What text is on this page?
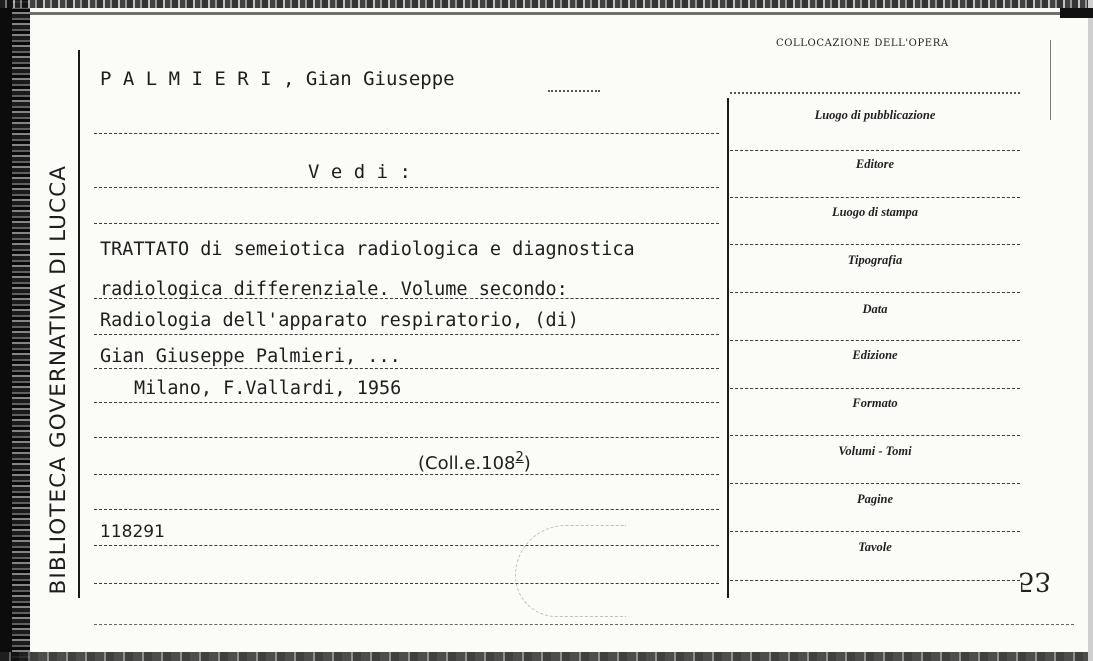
BIBLIOTECA GOVERNATIVA DI LUCCA
COLLOCAZIONE DELL'OPERA
P A L M I E R I , Gian Giuseppe
V e d i :
TRATTATO di semeiotica radiologica e diagnostica
radiologica differenziale. Volume secondo:
Radiologia dell'apparato respiratorio, (di)
Gian Giuseppe Palmieri, ...
Milano, F.Vallardi, 1956
(Coll.e.108$^2$)
118291
53
Luogo di pubblicazione
Editore
Luogo di stampa
Tipografia
Data
Edizione
Formato
Volumi - Tomi
Pagine
Tavole
